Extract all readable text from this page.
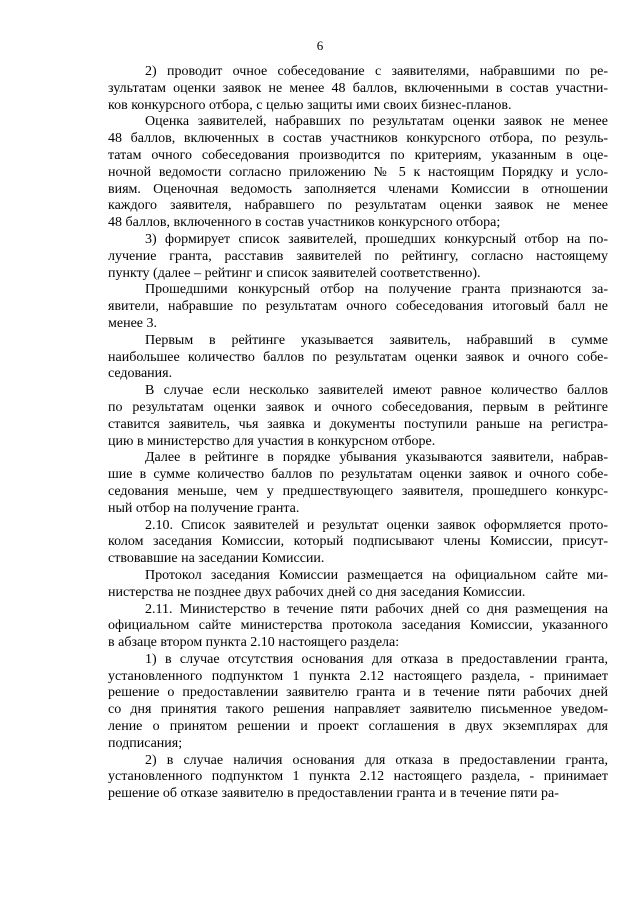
6
2) проводит очное собеседование с заявителями, набравшими по ре-
зультатам оценки заявок не менее 48 баллов, включенными в состав участни-
ков конкурсного отбора, с целью защиты ими своих бизнес-планов.
Оценка заявителей, набравших по результатам оценки заявок не менее
48 баллов, включенных в состав участников конкурсного отбора, по резуль-
татам очного собеседования производится по критериям, указанным в оце-
ночной ведомости согласно приложению № 5 к настоящим Порядку и усло-
виям. Оценочная ведомость заполняется членами Комиссии в отношении
каждого заявителя, набравшего по результатам оценки заявок не менее
48 баллов, включенного в состав участников конкурсного отбора;
3) формирует список заявителей, прошедших конкурсный отбор на по-
лучение гранта, расставив заявителей по рейтингу, согласно настоящему
пункту (далее – рейтинг и список заявителей соответственно).
Прошедшими конкурсный отбор на получение гранта признаются за-
явители, набравшие по результатам очного собеседования итоговый балл не
менее 3.
Первым в рейтинге указывается заявитель, набравший в сумме
наибольшее количество баллов по результатам оценки заявок и очного собе-
седования.
В случае если несколько заявителей имеют равное количество баллов
по результатам оценки заявок и очного собеседования, первым в рейтинге
ставится заявитель, чья заявка и документы поступили раньше на регистра-
цию в министерство для участия в конкурсном отборе.
Далее в рейтинге в порядке убывания указываются заявители, набрав-
шие в сумме количество баллов по результатам оценки заявок и очного собе-
седования меньше, чем у предшествующего заявителя, прошедшего конкурс-
ный отбор на получение гранта.
2.10. Список заявителей и результат оценки заявок оформляется прото-
колом заседания Комиссии, который подписывают члены Комиссии, присут-
ствовавшие на заседании Комиссии.
Протокол заседания Комиссии размещается на официальном сайте ми-
нистерства не позднее двух рабочих дней со дня заседания Комиссии.
2.11. Министерство в течение пяти рабочих дней со дня размещения на
официальном сайте министерства протокола заседания Комиссии, указанного
в абзаце втором пункта 2.10 настоящего раздела:
1) в случае отсутствия основания для отказа в предоставлении гранта,
установленного подпунктом 1 пункта 2.12 настоящего раздела, - принимает
решение о предоставлении заявителю гранта и в течение пяти рабочих дней
со дня принятия такого решения направляет заявителю письменное уведом-
ление о принятом решении и проект соглашения в двух экземплярах для
подписания;
2) в случае наличия основания для отказа в предоставлении гранта,
установленного подпунктом 1 пункта 2.12 настоящего раздела, - принимает
решение об отказе заявителю в предоставлении гранта и в течение пяти ра-
